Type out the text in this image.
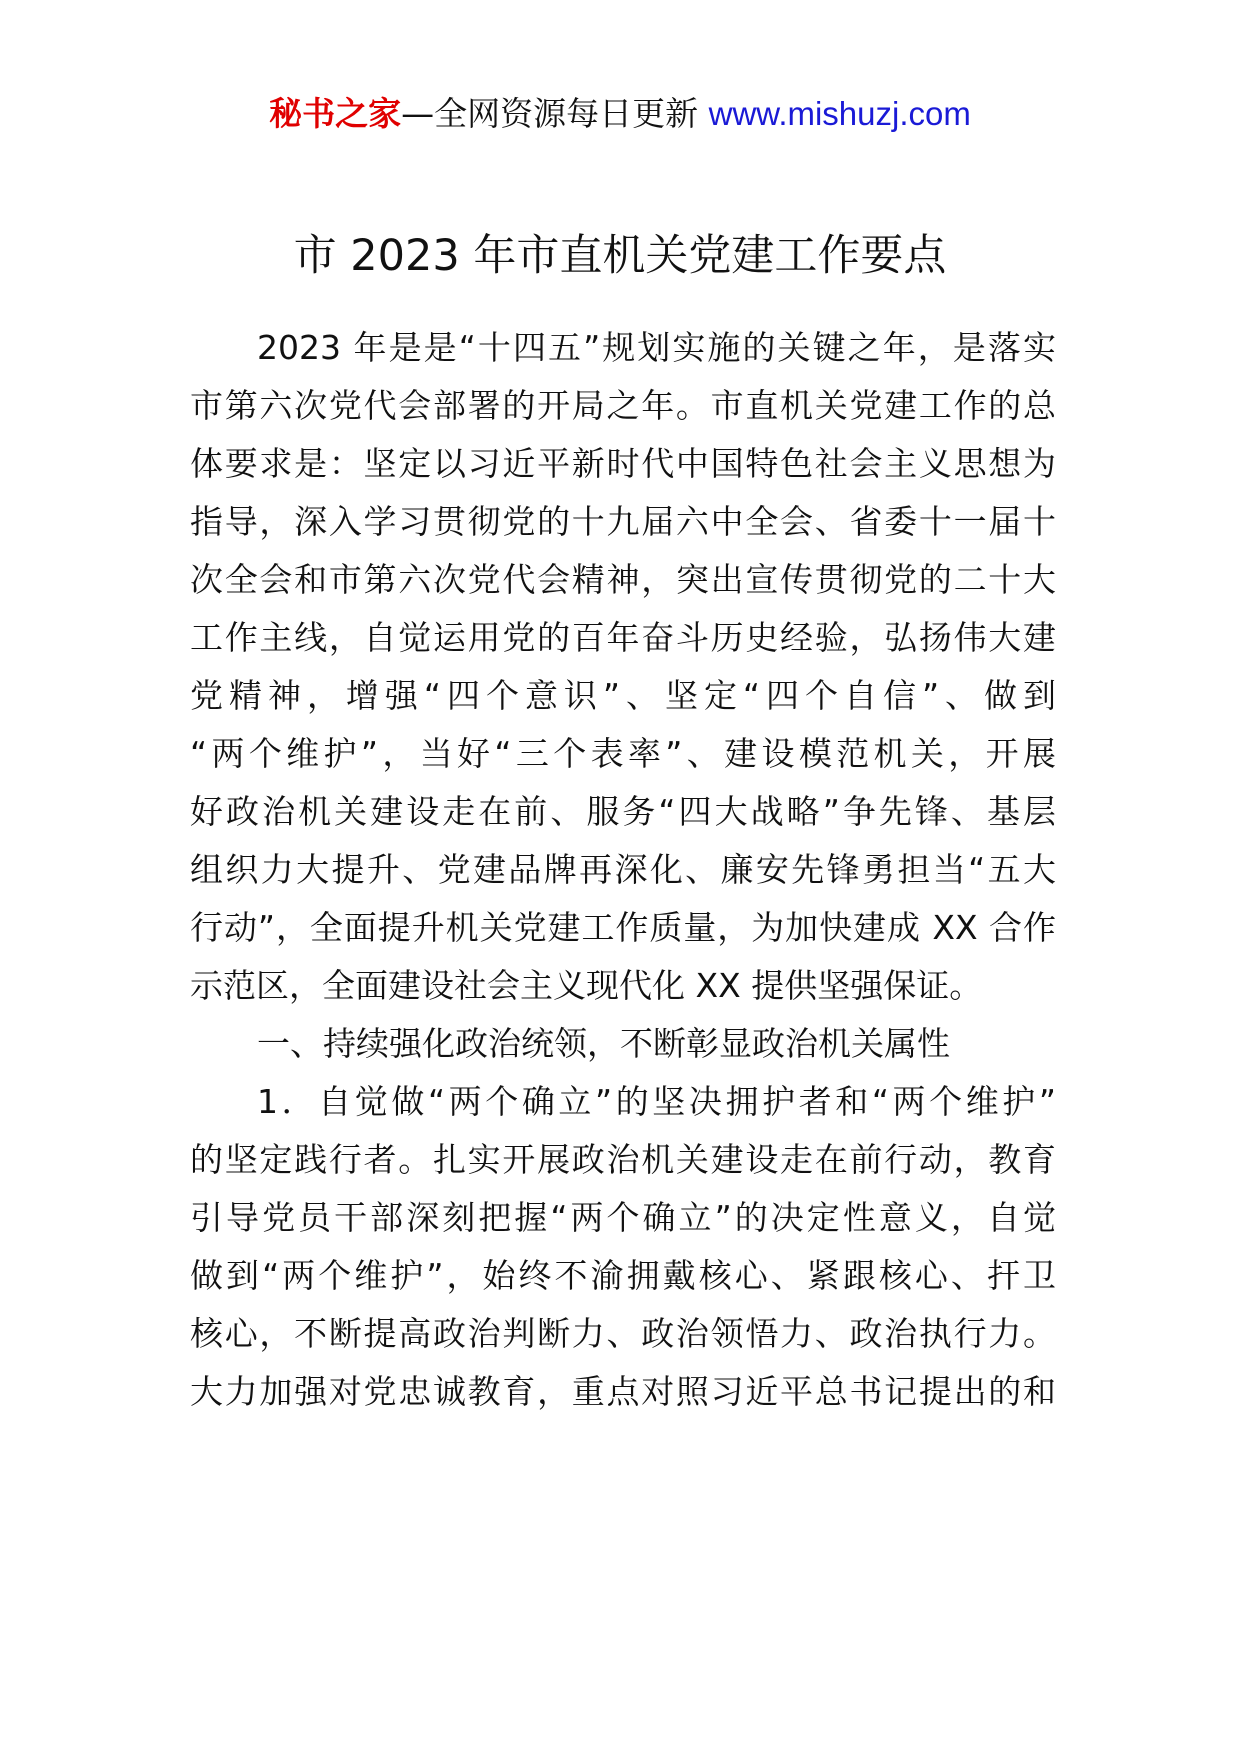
秘书之家—全网资源每日更新 www.mishuzj.com
市 2023 年市直机关党建工作要点
2023 年是是“十四五”规划实施的关键之年，是落实
市第六次党代会部署的开局之年。市直机关党建工作的总
体要求是：坚定以习近平新时代中国特色社会主义思想为
指导，深入学习贯彻党的十九届六中全会、省委十一届十
次全会和市第六次党代会精神，突出宣传贯彻党的二十大
工作主线，自觉运用党的百年奋斗历史经验，弘扬伟大建
党精神，增强“四个意识”、坚定“四个自信”、做到
“两个维护”，当好“三个表率”、建设模范机关，开展
好政治机关建设走在前、服务“四大战略”争先锋、基层
组织力大提升、党建品牌再深化、廉安先锋勇担当“五大
行动”，全面提升机关党建工作质量，为加快建成 XX 合作
示范区，全面建设社会主义现代化 XX 提供坚强保证。
一、持续强化政治统领，不断彰显政治机关属性
1．自觉做“两个确立”的坚决拥护者和“两个维护”
的坚定践行者。扎实开展政治机关建设走在前行动，教育
引导党员干部深刻把握“两个确立”的决定性意义，自觉
做到“两个维护”，始终不渝拥戴核心、紧跟核心、扞卫
核心，不断提高政治判断力、政治领悟力、政治执行力。
大力加强对党忠诚教育，重点对照习近平总书记提出的和
